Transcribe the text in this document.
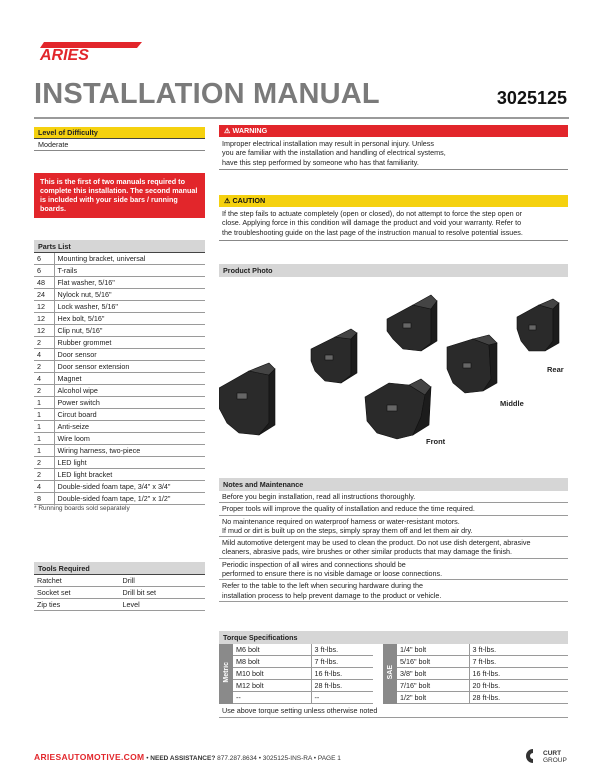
ARIES
INSTALLATION MANUAL	3025125
Level of Difficulty
Moderate
This is the first of two manuals required to complete this installation. The second manual is included with your side bars / running boards.
Parts List
6	Mounting bracket, universal
6	T-rails
48	Flat washer, 5/16"
24	Nylock nut, 5/16"
12	Lock washer, 5/16"
12	Hex bolt, 5/16"
12	Clip nut, 5/16"
2	Rubber grommet
4	Door sensor
2	Door sensor extension
4	Magnet
2	Alcohol wipe
1	Power switch
1	Circut board
1	Anti-seize
1	Wire loom
1	Wiring harness, two-piece
2	LED light
2	LED light bracket
4	Double-sided foam tape, 3/4" x 3/4"
8	Double-sided foam tape, 1/2" x 1/2"
* Running boards sold separately
Tools Required
Ratchet	Drill
Socket set	Drill bit set
Zip ties	Level
⚠ WARNING
Improper electrical installation may result in personal injury. Unless
you are familiar with the installation and handling of electrical systems,
have this step performed by someone who has that familiarity.
⚠ CAUTION
If the step fails to actuate completely (open or closed), do not attempt to force the step open or
close. Applying force in this condition will damage the product and void your warranty. Refer to
the troubleshooting guide on the last page of the instruction manual to resolve potential issues.
Product Photo
Front
Middle
Rear
Notes and Maintenance
Before you begin installation, read all instructions thoroughly.
Proper tools will improve the quality of installation and reduce the time required.
No maintenance required on waterproof harness or water-resistant motors.
If mud or dirt is built up on the steps, simply spray them off and let them air dry.
Mild automotive detergent may be used to clean the product. Do not use dish detergent, abrasive
cleaners, abrasive pads, wire brushes or other similar products that may damage the finish.
Periodic inspection of all wires and connections should be
performed to ensure there is no visible damage or loose connections.
Refer to the table to the left when securing hardware during the
installation process to help prevent damage to the product or vehicle.
Torque Specifications
Metric	M6 bolt	3 ft-lbs.		SAE	1/4" bolt	3 ft-lbs.
	M8 bolt	7 ft-lbs.			5/16" bolt	7 ft-lbs.
	M10 bolt	16 ft-lbs.			3/8" bolt	16 ft-lbs.
	M12 bolt	28 ft-lbs.			7/16" bolt	20 ft-lbs.
	--	--			1/2" bolt	28 ft-lbs.
Use above torque setting unless otherwise noted
ARIESAUTOMOTIVE.COM • NEED ASSISTANCE? 877.287.8634 • 3025125-INS-RA • PAGE 1
CURT
GROUP
